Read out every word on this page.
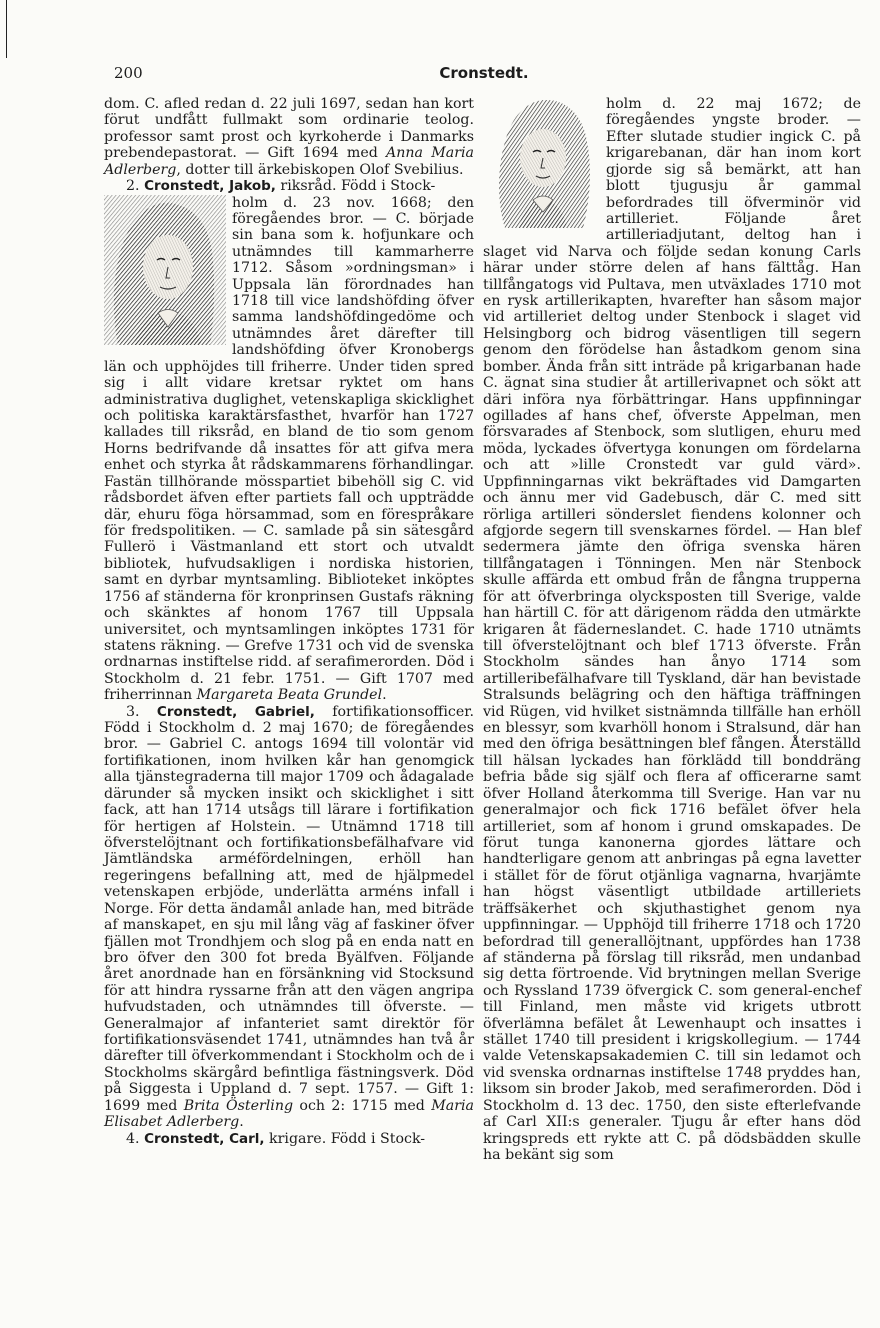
200	Cronstedt.

dom. C. afled redan d. 22 juli 1697, sedan han kort förut undfått fullmakt som ordinarie teolog. professor samt prost och kyrkoherde i Danmarks prebendepastorat. — Gift 1694 med Anna Maria Adlerberg, dotter till ärkebiskopen Olof Svebilius.

2. Cronstedt, Jakob, riksråd. Född i Stock-

holm d. 23 nov. 1668; den föregåendes bror. — C. började sin bana som k. hofjunkare och utnämndes till kammarherre 1712. Såsom »ordningsman» i Uppsala län förordnades han 1718 till vice landshöfding öfver samma landshöfdingedöme och utnämndes året därefter till landshöfding öfver Kronobergs län och upphöjdes till friherre. Under tiden spred sig i allt vidare kretsar ryktet om hans administrativa duglighet, vetenskapliga skicklighet och politiska karaktärsfasthet, hvarför han 1727 kallades till riksråd, en bland de tio som genom Horns bedrifvande då insattes för att gifva mera enhet och styrka åt rådskammarens förhandlingar. Fastän tillhörande mösspartiet bibehöll sig C. vid rådsbordet äfven efter partiets fall och uppträdde där, ehuru föga hörsammad, som en förespråkare för fredspolitiken. — C. samlade på sin sätesgård Fullerö i Västmanland ett stort och utvaldt bibliotek, hufvudsakligen i nordiska historien, samt en dyrbar myntsamling. Biblioteket inköptes 1756 af ständerna för kronprinsen Gustafs räkning och skänktes af honom 1767 till Uppsala universitet, och myntsamlingen inköptes 1731 för statens räkning. — Grefve 1731 och vid de svenska ordnarnas instiftelse ridd. af serafimerorden. Död i Stockholm d. 21 febr. 1751. — Gift 1707 med friherrinnan Margareta Beata Grundel.

3. Cronstedt, Gabriel, fortifikationsofficer. Född i Stockholm d. 2 maj 1670; de föregåendes bror. — Gabriel C. antogs 1694 till volontär vid fortifikationen, inom hvilken kår han genomgick alla tjänstegraderna till major 1709 och ådagalade därunder så mycken insikt och skicklighet i sitt fack, att han 1714 utsågs till lärare i fortifikation för hertigen af Holstein. — Utnämnd 1718 till öfverstelöjtnant och fortifikationsbefälhafvare vid Jämtländska arméfördelningen, erhöll han regeringens befallning att, med de hjälpmedel vetenskapen erbjöde, underlätta arméns infall i Norge. För detta ändamål anlade han, med biträde af manskapet, en sju mil lång väg af faskiner öfver fjällen mot Trondhjem och slog på en enda natt en bro öfver den 300 fot breda Byälfven. Följande året anordnade han en försänkning vid Stocksund för att hindra ryssarne från att den vägen angripa hufvudstaden, och utnämndes till öfverste. — Generalmajor af infanteriet samt direktör för fortifikationsväsendet 1741, utnämndes han två år därefter till öfverkommendant i Stockholm och de i Stockholms skärgård befintliga fästningsverk. Död på Siggesta i Uppland d. 7 sept. 1757. — Gift 1: 1699 med Brita Österling och 2: 1715 med Maria Elisabet Adlerberg.

4. Cronstedt, Carl, krigare. Född i Stock-

holm d. 22 maj 1672; de föregåendes yngste broder. — Efter slutade studier ingick C. på krigarebanan, där han inom kort gjorde sig så bemärkt, att han blott tjugusju år gammal befordrades till öfverminör vid artilleriet. Följande året artilleriadjutant, deltog han i slaget vid Narva och följde sedan konung Carls härar under större delen af hans fälttåg. Han tillfångatogs vid Pultava, men utväxlades 1710 mot en rysk artillerikapten, hvarefter han såsom major vid artilleriet deltog under Stenbock i slaget vid Helsingborg och bidrog väsentligen till segern genom den förödelse han åstadkom genom sina bomber. Ända från sitt inträde på krigarbanan hade C. ägnat sina studier åt artillerivapnet och sökt att däri införa nya förbättringar. Hans uppfinningar ogillades af hans chef, öfverste Appelman, men försvarades af Stenbock, som slutligen, ehuru med möda, lyckades öfvertyga konungen om fördelarna och att »lille Cronstedt var guld värd». Uppfinningarnas vikt bekräftades vid Damgarten och ännu mer vid Gadebusch, där C. med sitt rörliga artilleri sönderslet fiendens kolonner och afgjorde segern till svenskarnes fördel. — Han blef sedermera jämte den öfriga svenska hären tillfångatagen i Tönningen. Men när Stenbock skulle affärda ett ombud från de fångna trupperna för att öfverbringa olycksposten till Sverige, valde han härtill C. för att därigenom rädda den utmärkte krigaren åt fäderneslandet. C. hade 1710 utnämts till öfverstelöjtnant och blef 1713 öfverste. Från Stockholm sändes han ånyo 1714 som artilleribefälhafvare till Tyskland, där han bevistade Stralsunds belägring och den häftiga träffningen vid Rügen, vid hvilket sistnämnda tillfälle han erhöll en blessyr, som kvarhöll honom i Stralsund, där han med den öfriga besättningen blef fången. Återställd till hälsan lyckades han förklädd till bonddräng befria både sig själf och flera af officerarne samt öfver Holland återkomma till Sverige. Han var nu generalmajor och fick 1716 befälet öfver hela artilleriet, som af honom i grund omskapades. De förut tunga kanonerna gjordes lättare och handterligare genom att anbringas på egna lavetter i stället för de förut otjänliga vagnarna, hvarjämte han högst väsentligt utbildade artilleriets träffsäkerhet och skjuthastighet genom nya uppfinningar. — Upphöjd till friherre 1718 och 1720 befordrad till generallöjtnant, uppfördes han 1738 af ständerna på förslag till riksråd, men undanbad sig detta förtroende. Vid brytningen mellan Sverige och Ryssland 1739 öfvergick C. som general-enchef till Finland, men måste vid krigets utbrott öfverlämna befälet åt Lewenhaupt och insattes i stället 1740 till president i krigskollegium. — 1744 valde Vetenskapsakademien C. till sin ledamot och vid svenska ordnarnas instiftelse 1748 pryddes han, liksom sin broder Jakob, med serafimerorden. Död i Stockholm d. 13 dec. 1750, den siste efterlefvande af Carl XII:s generaler. Tjugu år efter hans död kringspreds ett rykte att C. på dödsbädden skulle ha bekänt sig som
